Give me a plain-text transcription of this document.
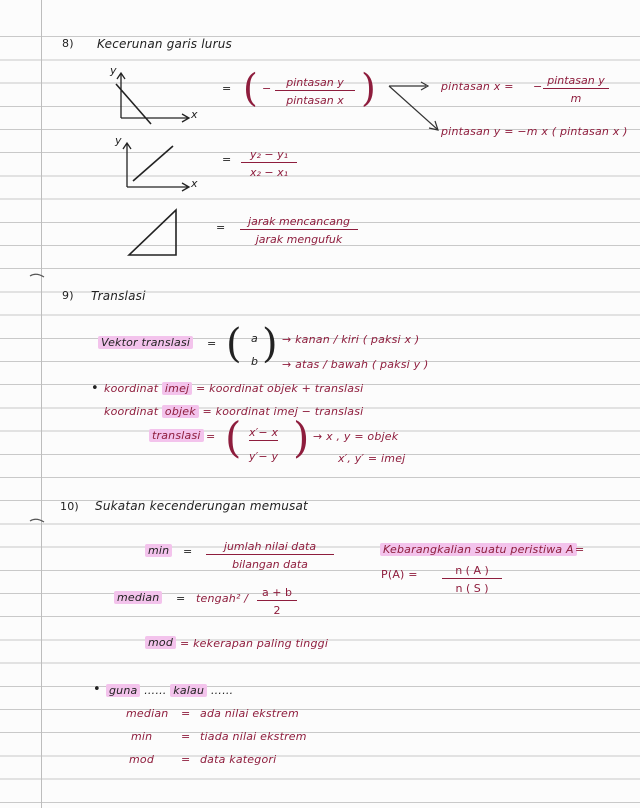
8) Kecerunan garis lurus
y
x
y
x
= ( −	pintasan y
pintasan x )	pintasan x = − pintasan y
m
pintasan y = −m x ( pintasan x )
= $\frac{\text{y₂ − y₁}}{\text{x₂ − x₁}}$
=	jarak mencancang
jarak mengufuk
9) Translasi
Vektor translasi = ( a
b ) → kanan / kiri ( paksi x )
→ atas / bawah ( paksi y )
• koordinat imej = koordinat objek + translasi
koordinat objek = koordinat imej − translasi
translasi = ( x′− x
y′− y ) → x , y = objek
x′, y′ = imej
10) Sukatan kecenderungan memusat
min =	jumlah nilai data
bilangan data
Kebarangkalian suatu peristiwa A =
$P(A) = \frac{n ( A )}{n ( S )}$
median = tengah² / $\frac{a + b}{2}$
mod = kekerapan paling tinggi
• guna …… kalau ……
median = ada nilai ekstrem
min	= tiada nilai ekstrem
mod = data kategori
